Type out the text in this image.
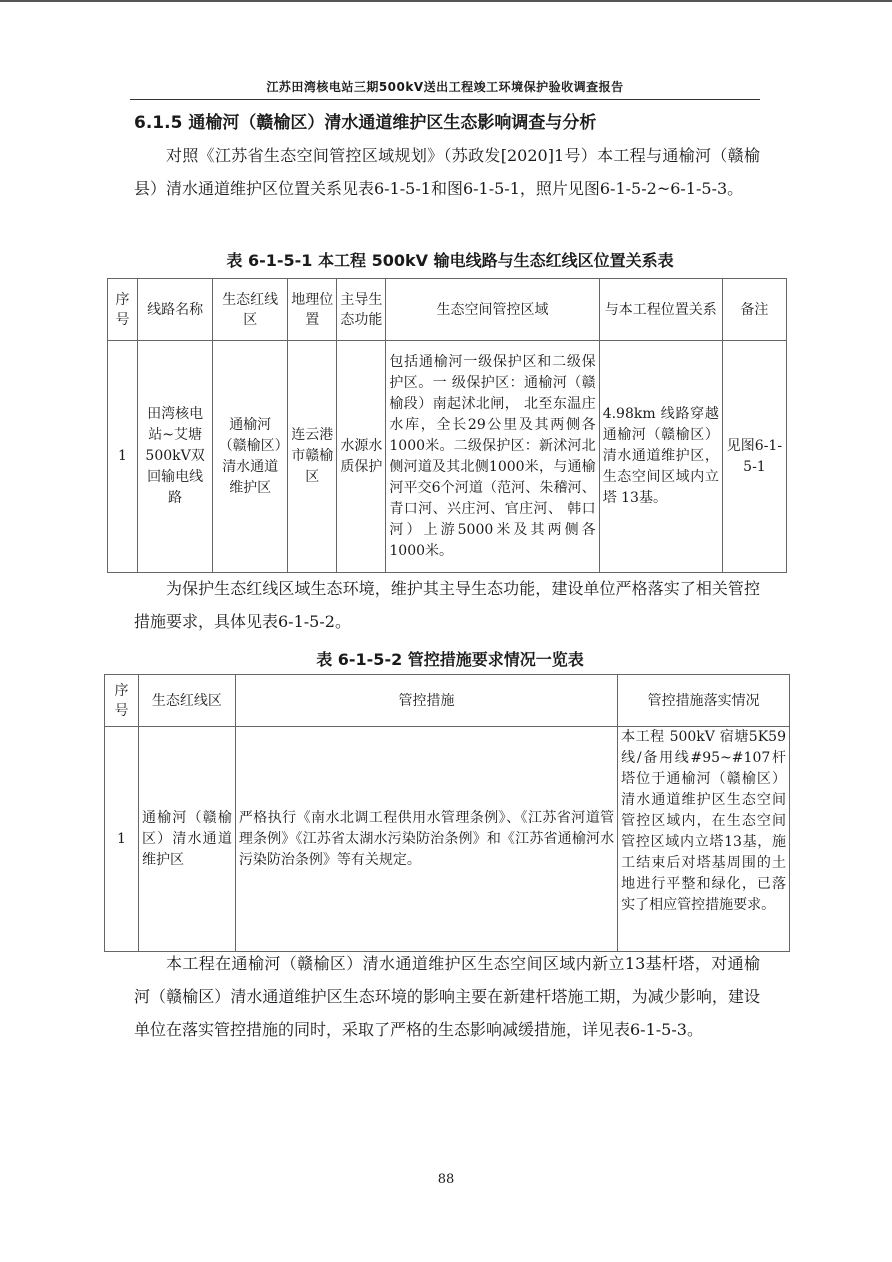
江苏田湾核电站三期500kV送出工程竣工环境保护验收调查报告
6.1.5 通榆河（赣榆区）清水通道维护区生态影响调查与分析

对照《江苏省生态空间管控区域规划》（苏政发[2020]1号）本工程与通榆河（赣榆县）清水通道维护区位置关系见表6-1-5-1和图6-1-5-1，照片见图6-1-5-2~6-1-5-3。

表 6-1-5-1 本工程 500kV 输电线路与生态红线区位置关系表
序号	线路名称	生态红线区	地理位置	主导生态功能	生态空间管控区域	与本工程位置关系	备注
1	田湾核电站~艾塘500kV双回输电线路	通榆河（赣榆区）清水通道维护区	连云港市赣榆区	水源水质保护	包括通榆河一级保护区和二级保护区。一 级保护区：通榆河（赣榆段）南起沭北闸， 北至东温庄水库，全长29公里及其两侧各 1000米。二级保护区：新沭河北侧河道及其北侧1000米，与通榆河平交6个河道（范河、朱稽河、青口河、兴庄河、官庄河、 韩口河）上游5000米及其两侧各1000米。	4.98km 线路穿越通榆河（赣榆区）清水通道维护区，生态空间区域内立塔 13基。	见图6-1-5-1

为保护生态红线区域生态环境，维护其主导生态功能，建设单位严格落实了相关管控措施要求，具体见表6-1-5-2。

表 6-1-5-2 管控措施要求情况一览表
序号	生态红线区	管控措施	管控措施落实情况
1	通榆河（赣榆区）清水通道维护区	严格执行《南水北调工程供用水管理条例》、《江苏省河道管理条例》《江苏省太湖水污染防治条例》和《江苏省通榆河水污染防治条例》等有关规定。	本工程 500kV 宿塘5K59线/备用线#95~#107杆塔位于通榆河（赣榆区）清水通道维护区生态空间管控区域内，在生态空间管控区域内立塔13基，施工结束后对塔基周围的土地进行平整和绿化，已落实了相应管控措施要求。

本工程在通榆河（赣榆区）清水通道维护区生态空间区域内新立13基杆塔，对通榆河（赣榆区）清水通道维护区生态环境的影响主要在新建杆塔施工期，为减少影响，建设单位在落实管控措施的同时，采取了严格的生态影响减缓措施，详见表6-1-5-3。

88
